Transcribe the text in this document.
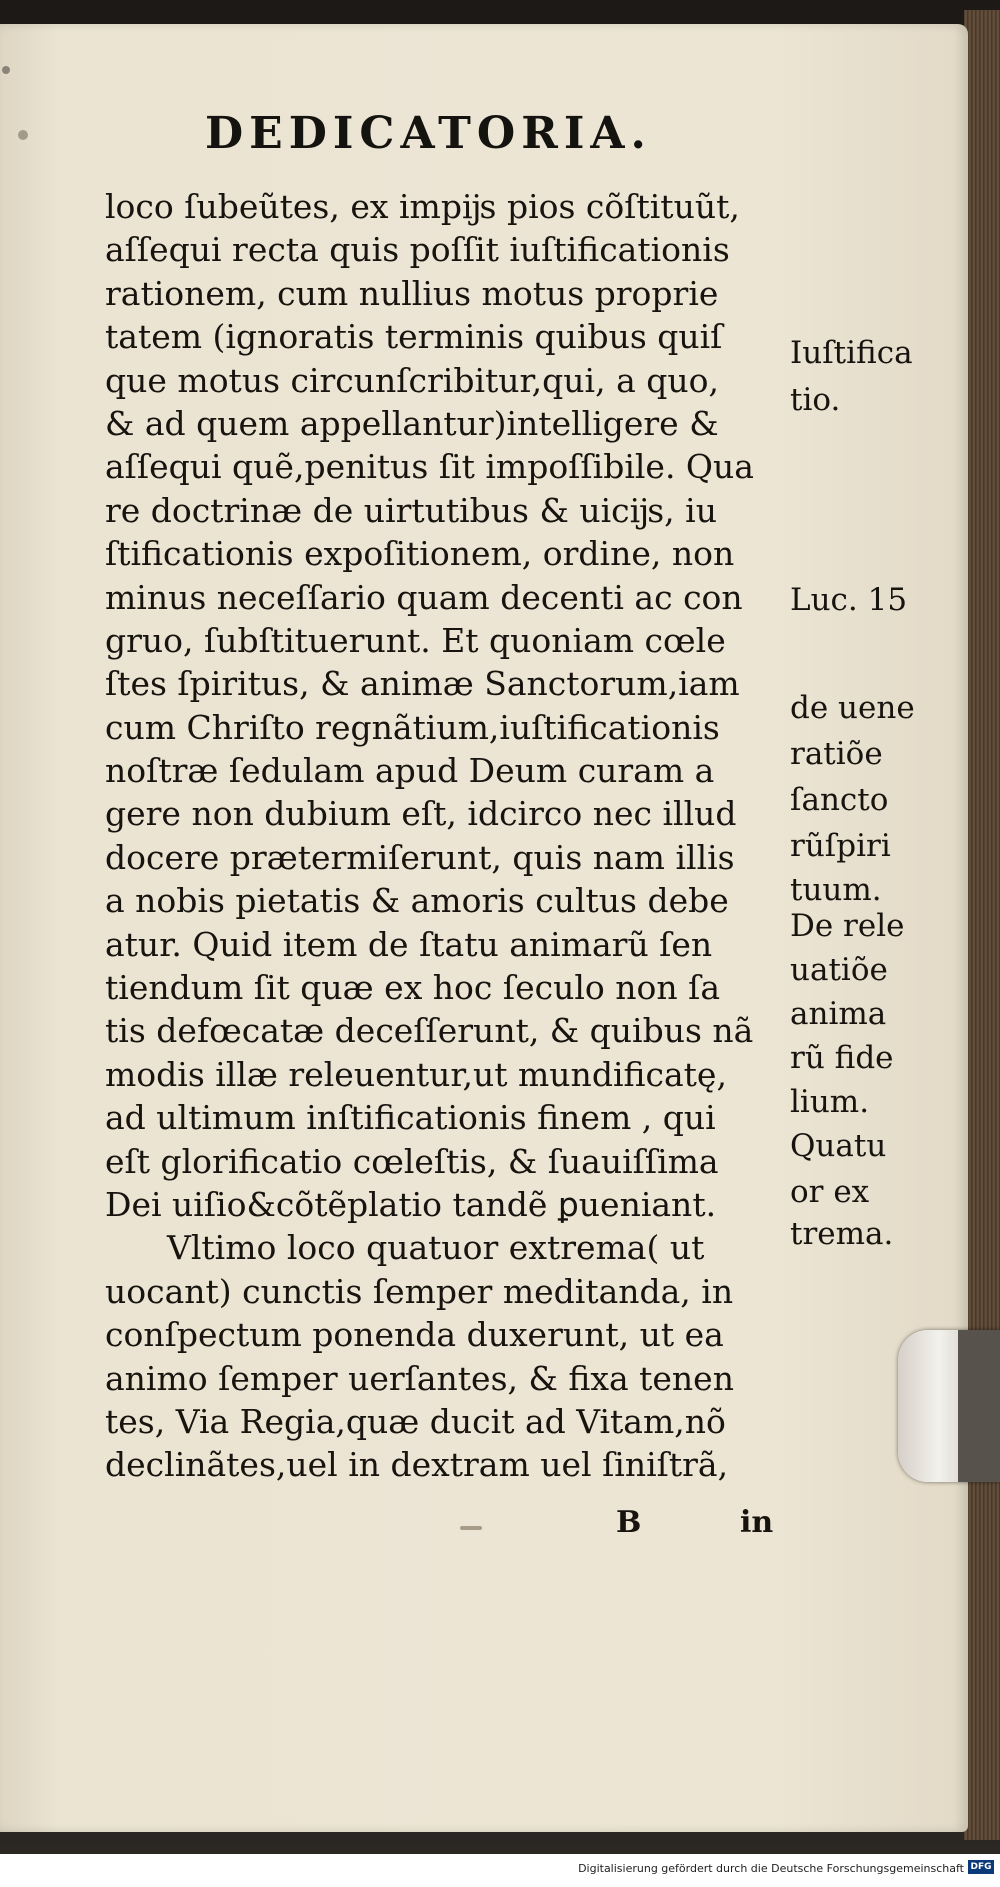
DEDICATORIA.
loco ſubeũtes, ex impĳs pios cõſtituũt,
aſſequi recta quis poſſit iuſtificationis
rationem, cum nullius motus proprie
tatem (ignoratis terminis quibus quiſ
que motus circunſcribitur,qui, a quo,
& ad quem appellantur)intelligere &
aſſequi quẽ,penitus ſit impoſſibile. Qua
re doctrinæ de uirtutibus & uicĳs, iu
ſtificationis expoſitionem, ordine, non
minus neceſſario quam decenti ac con
gruo, ſubſtituerunt. Et quoniam cœle
ſtes ſpiritus, & animæ Sanctorum,iam
cum Chriſto regnãtium,iuſtificationis
noſtræ ſedulam apud Deum curam a
gere non dubium eſt, idcirco nec illud
docere prætermiſerunt, quis nam illis
a nobis pietatis & amoris cultus debe
atur. Quid item de ſtatu animarũ ſen
tiendum ſit quæ ex hoc ſeculo non ſa
tis defœcatæ deceſſerunt, & quibus nã
modis illæ releuentur,ut mundificatę,
ad ultimum inſtificationis finem , qui
eſt glorificatio cœleſtis, & ſuauiſſima
Dei uiſio&cõtẽplatio tandẽ ꝑueniant.
Vltimo loco quatuor extrema( ut
uocant) cunctis ſemper meditanda, in
conſpectum ponenda duxerunt, ut ea
animo ſemper uerſantes, & fixa tenen
tes, Via Regia,quæ ducit ad Vitam,nõ
declinãtes,uel in dextram uel ſiniſtrã,
Iuſtifica
tio.
Luc. 15
de uene
ratiõe
ſancto
rũſpiri
tuum.
De rele
uatiõe
anima
rũ fide
lium.
Quatu
or ex
trema.
B	in
Digitalisierung gefördert durch die Deutsche Forschungsgemeinschaft DFG
